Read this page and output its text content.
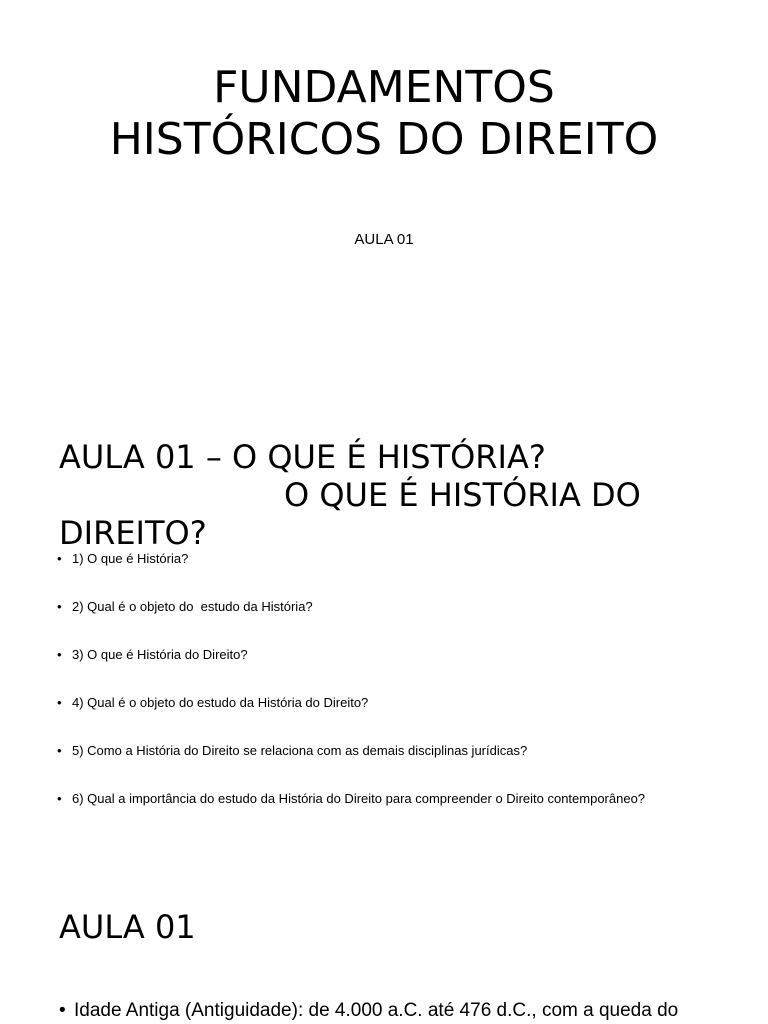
FUNDAMENTOS HISTÓRICOS DO DIREITO

AULA 01

AULA 01 – O QUE É HISTÓRIA?
O QUE É HISTÓRIA DO
DIREITO?
• 1) O que é História?
• 2) Qual é o objeto do  estudo da História?
• 3) O que é História do Direito?
• 4) Qual é o objeto do estudo da História do Direito?
• 5) Como a História do Direito se relaciona com as demais disciplinas jurídicas?
• 6) Qual a importância do estudo da História do Direito para compreender o Direito contemporâneo?
AULA 01
• Idade Antiga (Antiguidade): de 4.000 a.C. até 476 d.C., com a queda do
